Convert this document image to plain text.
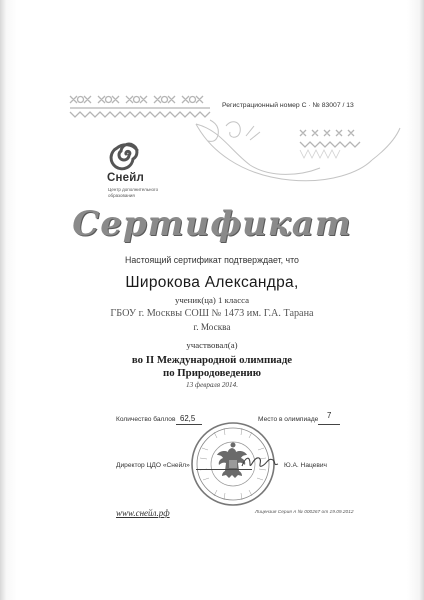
Снейл
Центр дополнительного образования
Регистрационный номер С · № 83007 / 13
Сертификат
Настоящий сертификат подтверждает, что
Широкова Александра,
ученик(ца) 1 класса
ГБОУ г. Москвы СОШ № 1473 им. Г.А. Тарана
г. Москва
участвовал(а)
во II Международной олимпиаде
по Природоведению
13 февраля 2014.
Количество баллов 62,5	Место в олимпиаде 7
Директор ЦДО «Снейл»	Ю.А. Нацевич
www.снейл.рф	Лицензия Серия А № 000267 от 19.09.2012
